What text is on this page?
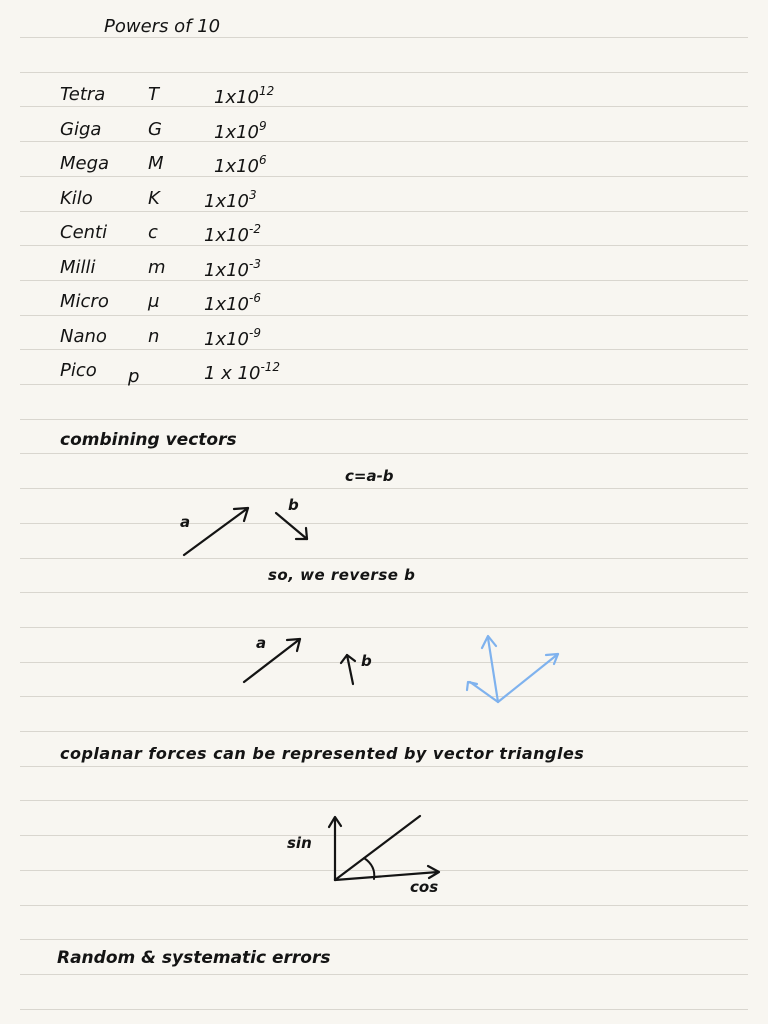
Powers of 10
Tetra T	$1x10^{12}$
Giga	G	$1x10^9$
Mega M	$1x10^6$
Kilo	K $1x10^3$
Centi c	$1x10^{-2}$
Milli	m $1x10^{-3}$
Micro μ $1x10^{-6}$
Nano n $1x10^{-9}$
Pico p	1 x $10^{-12}$
combining vectors
c=a-b
a
b
so, we reverse b
a
b
coplanar forces can be represented by vector triangles
sin
cos
Random & systematic errors
